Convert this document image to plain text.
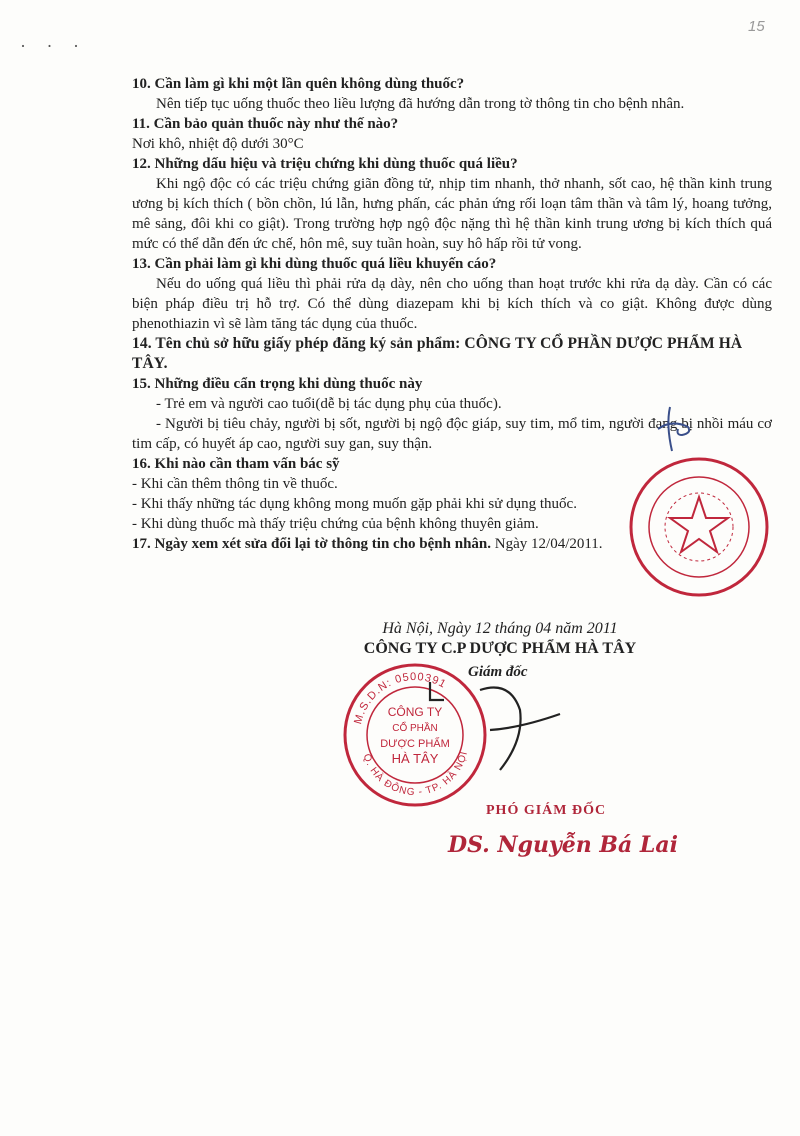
15
· · ·

10. Cần làm gì khi một lần quên không dùng thuốc?

Nên tiếp tục uống thuốc theo liều lượng đã hướng dẫn trong tờ thông tin cho bệnh nhân.

11. Cần bảo quản thuốc này như thế nào?

Nơi khô, nhiệt độ dưới 30°C

12. Những dấu hiệu và triệu chứng khi dùng thuốc quá liều?

Khi ngộ độc có các triệu chứng giãn đồng tử, nhịp tim nhanh, thở nhanh, sốt cao, hệ thần kinh trung ương bị kích thích ( bồn chồn, lú lẫn, hưng phấn, các phản ứng rối loạn tâm thần và tâm lý, hoang tưởng, mê sảng, đôi khi co giật). Trong trường hợp ngộ độc nặng thì hệ thần kinh trung ương bị kích thích quá mức có thể dẫn đến ức chế, hôn mê, suy tuần hoàn, suy hô hấp rồi tử vong.

13. Cần phải làm gì khi dùng thuốc quá liều khuyến cáo?

Nếu do uống quá liều thì phải rửa dạ dày, nên cho uống than hoạt trước khi rửa dạ dày. Cần có các biện pháp điều trị hỗ trợ. Có thể dùng diazepam khi bị kích thích và co giật. Không được dùng phenothiazin vì sẽ làm tăng tác dụng của thuốc.

14. Tên chủ sở hữu giấy phép đăng ký sản phẩm: CÔNG TY CỔ PHẦN DƯỢC PHẨM HÀ TÂY.

15. Những điều cẩn trọng khi dùng thuốc này

- Trẻ em và người cao tuổi(dễ bị tác dụng phụ của thuốc).

- Người bị tiêu chảy, người bị sốt, người bị ngộ độc giáp, suy tim, mổ tim, người đang bị nhồi máu cơ tim cấp, có huyết áp cao, người suy gan, suy thận.

16. Khi nào cần tham vấn bác sỹ

- Khi cần thêm thông tin về thuốc.

- Khi thấy những tác dụng không mong muốn gặp phải khi sử dụng thuốc.

- Khi dùng thuốc mà thấy triệu chứng của bệnh không thuyên giảm.

17. Ngày xem xét sửa đổi lại tờ thông tin cho bệnh nhân. Ngày 12/04/2011.

Hà Nội, Ngày 12 tháng 04 năm 2011
CÔNG TY C.P DƯỢC PHẨM HÀ TÂY
Giám đốc
M.S.D.N: 0500391
Q. HÀ ĐÔNG - TP. HÀ NỘI
CÔNG TY
CỔ PHẦN
DƯỢC PHẨM
HÀ TÂY
PHÓ GIÁM ĐỐC
DS. Nguyễn Bá Lai
